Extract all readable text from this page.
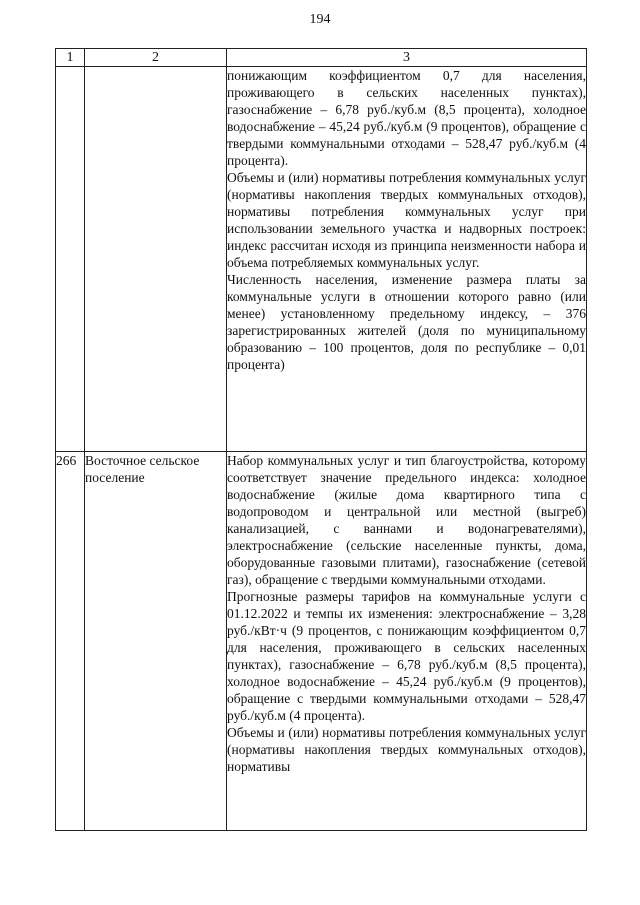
194
1	2	3

		понижающим коэффициентом 0,7 для населения, проживающего в сельских населенных пунктах), газоснабжение – 6,78 руб./куб.м (8,5 процента), холодное водоснабжение – 45,24 руб./куб.м (9 процентов), обращение с твердыми коммунальными отходами – 528,47 руб./куб.м (4 процента).

Объемы и (или) нормативы потребления коммунальных услуг (нормативы накопления твердых коммунальных отходов), нормативы потребления коммунальных услуг при использовании земельного участка и надворных построек: индекс рассчитан исходя из принципа неизменности набора и объема потребляемых коммунальных услуг.

Численность населения, изменение размера платы за коммунальные услуги в отношении которого равно (или менее) установленному предельному индексу, – 376 зарегистрированных жителей (доля по муниципальному образованию – 100 процентов, доля по республике – 0,01 процента)

266	Восточное сельское поселение	Набор коммунальных услуг и тип благоустройства, которому соответствует значение предельного индекса: холодное водоснабжение (жилые дома квартирного типа с водопроводом и центральной или местной (выгреб) канализацией, с ваннами и водонагревателями), электроснабжение (сельские населенные пункты, дома, оборудованные газовыми плитами), газоснабжение (сетевой газ), обращение с твердыми коммунальными отходами.

Прогнозные размеры тарифов на коммунальные услуги с 01.12.2022 и темпы их изменения: электроснабжение – 3,28 руб./кВт·ч (9 процентов, с понижающим коэффициентом 0,7 для населения, проживающего в сельских населенных пунктах), газоснабжение – 6,78 руб./куб.м (8,5 процента), холодное водоснабжение – 45,24 руб./куб.м (9 процентов), обращение с твердыми коммунальными отходами – 528,47 руб./куб.м (4 процента).

Объемы и (или) нормативы потребления коммунальных услуг (нормативы накопления твердых коммунальных отходов), нормативы
